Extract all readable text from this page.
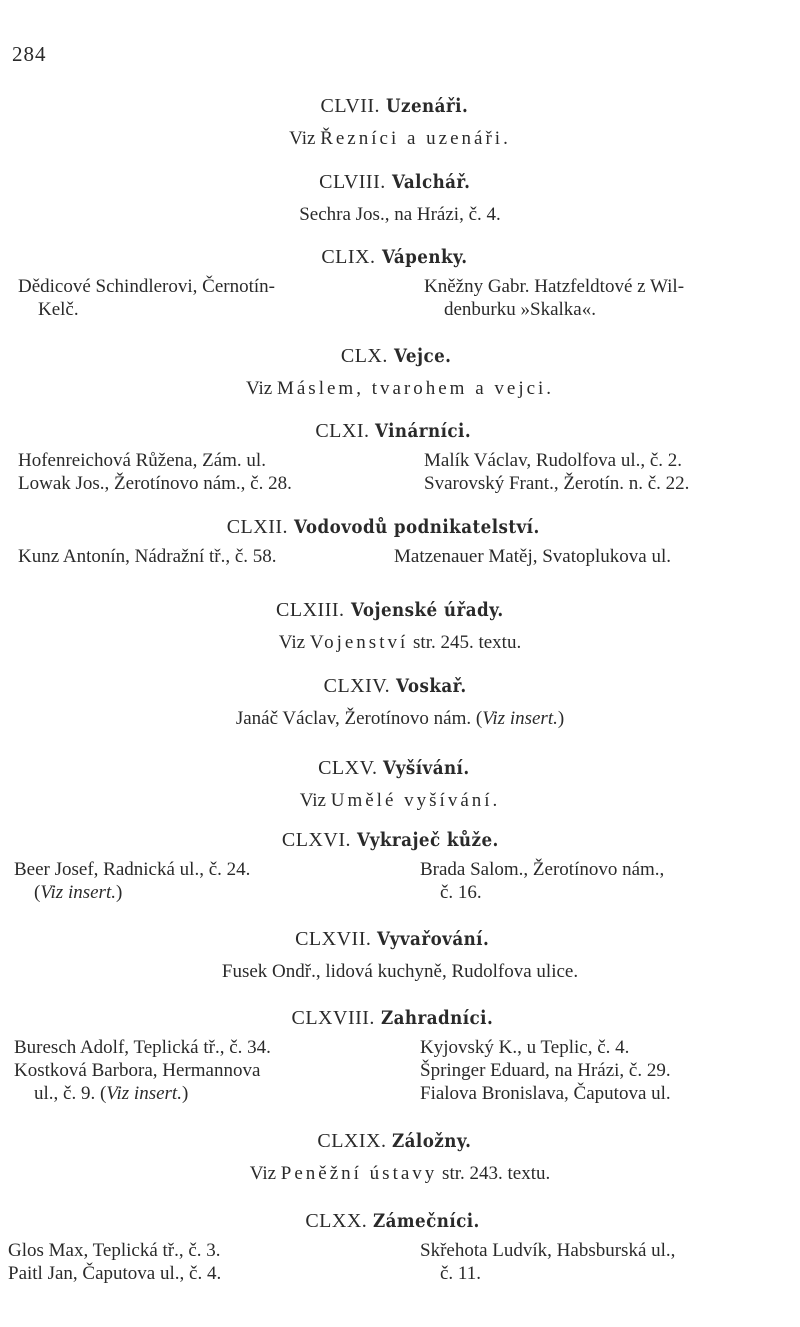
284
CLVII. Uzenáři.
Viz Řezníci a uzenáři.
CLVIII. Valchář.
Sechra Jos., na Hrázi, č. 4.
CLIX. Vápenky.
Dědicové Schindlerovi, Černotín-
Kelč.
Kněžny Gabr. Hatzfeldtové z Wil-
denburku »Skalka«.
CLX. Vejce.
Viz Máslem, tvarohem a vejci.
CLXI. Vinárníci.
Hofenreichová Růžena, Zám. ul.
Lowak Jos., Žerotínovo nám., č. 28.
Malík Václav, Rudolfova ul., č. 2.
Svarovský Frant., Žerotín. n. č. 22.
CLXII. Vodovodů podnikatelství.
Kunz Antonín, Nádražní tř., č. 58.	Matzenauer Matěj, Svatoplukova ul.
CLXIII. Vojenské úřady.
Viz Vojenství str. 245. textu.
CLXIV. Voskař.
Janáč Václav, Žerotínovo nám. (Viz insert.)
CLXV. Vyšívání.
Viz Umělé vyšívání.
CLXVI. Vykraječ kůže.
Beer Josef, Radnická ul., č. 24.
(Viz insert.)
Brada Salom., Žerotínovo nám.,
č. 16.
CLXVII. Vyvařování.
Fusek Ondř., lidová kuchyně, Rudolfova ulice.
CLXVIII. Zahradníci.
Buresch Adolf, Teplická tř., č. 34.
Kostková Barbora, Hermannova
ul., č. 9. (Viz insert.)
Kyjovský K., u Teplic, č. 4.
Špringer Eduard, na Hrázi, č. 29.
Fialova Bronislava, Čaputova ul.
CLXIX. Záložny.
Viz Peněžní ústavy str. 243. textu.
CLXX. Zámečníci.
Glos Max, Teplická tř., č. 3.
Paitl Jan, Čaputova ul., č. 4.
Skřehota Ludvík, Habsburská ul.,
č. 11.
